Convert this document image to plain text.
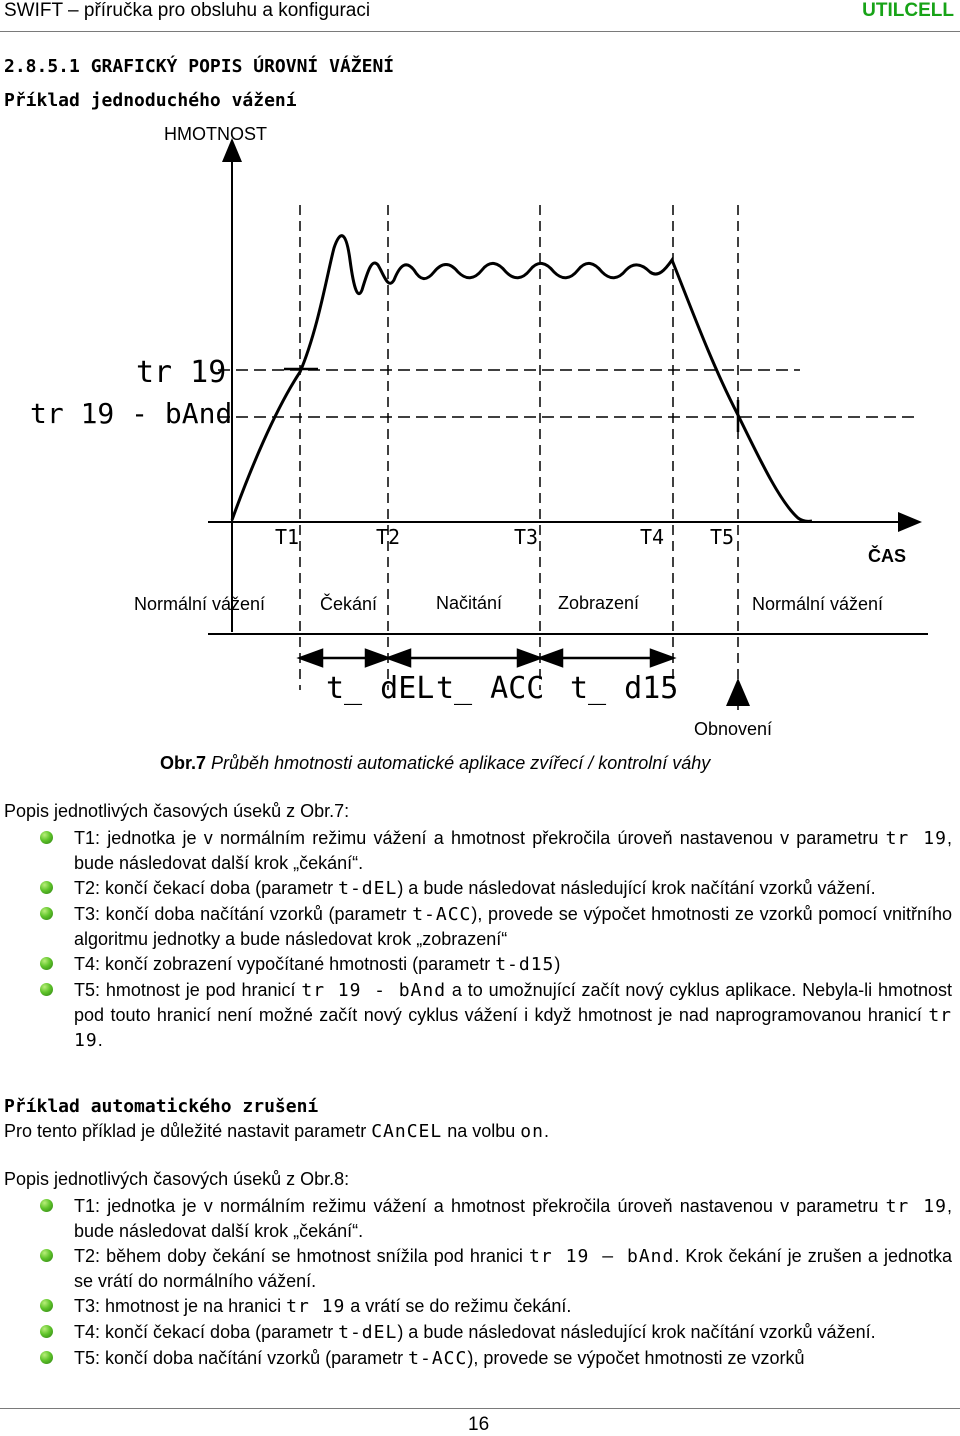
SWIFT – příručka pro obsluhu a konfiguraci	UTILCELL
2.8.5.1 GRAFICKÝ POPIS ÚROVNÍ VÁŽENÍ
Příklad jednoduchého vážení
HMOTNOST
ČAS
tr 19
tr 19 - bAnd
T1	T2	T3	T4 T5
Normální vážení	Čekání	Načitání	Zobrazení	Normální vážení
t_ dEL t_ ACC t_ d15
Obnovení
Obr.7 Průběh hmotnosti automatické aplikace zvířecí / kontrolní váhy
Popis jednotlivých časových úseků z Obr.7:
T1: jednotka je v normálním režimu vážení a hmotnost překročila úroveň nastavenou v parametru tr 19, bude následovat další krok „čekání“.
T2: končí čekací doba (parametr t-dEL) a bude následovat následující krok načítání vzorků vážení.
T3: končí doba načítání vzorků (parametr t-ACC), provede se výpočet hmotnosti ze vzorků pomocí vnitřního algoritmu jednotky a bude následovat krok „zobrazení“
T4: končí zobrazení vypočítané hmotnosti (parametr t-d15)
T5: hmotnost je pod hranicí tr 19 - bAnd a to umožnující začít nový cyklus aplikace. Nebyla-li hmotnost pod touto hranicí není možné začít nový cyklus vážení i když hmotnost je nad naprogramovanou hranicí tr 19.
Příklad automatického zrušení
Pro tento příklad je důležité nastavit parametr CAnCEL na volbu on.
Popis jednotlivých časových úseků z Obr.8:
T1: jednotka je v normálním režimu vážení a hmotnost překročila úroveň nastavenou v parametru tr 19, bude následovat další krok „čekání“.
T2: během doby čekání se hmotnost snížila pod hranici tr 19 – bAnd. Krok čekání je zrušen a jednotka se vrátí do normálního vážení.
T3: hmotnost je na hranici tr 19 a vrátí se do režimu čekání.
T4: končí čekací doba (parametr t-dEL) a bude následovat následující krok načítání vzorků vážení.
T5: končí doba načítání vzorků (parametr t-ACC), provede se výpočet hmotnosti ze vzorků
16
